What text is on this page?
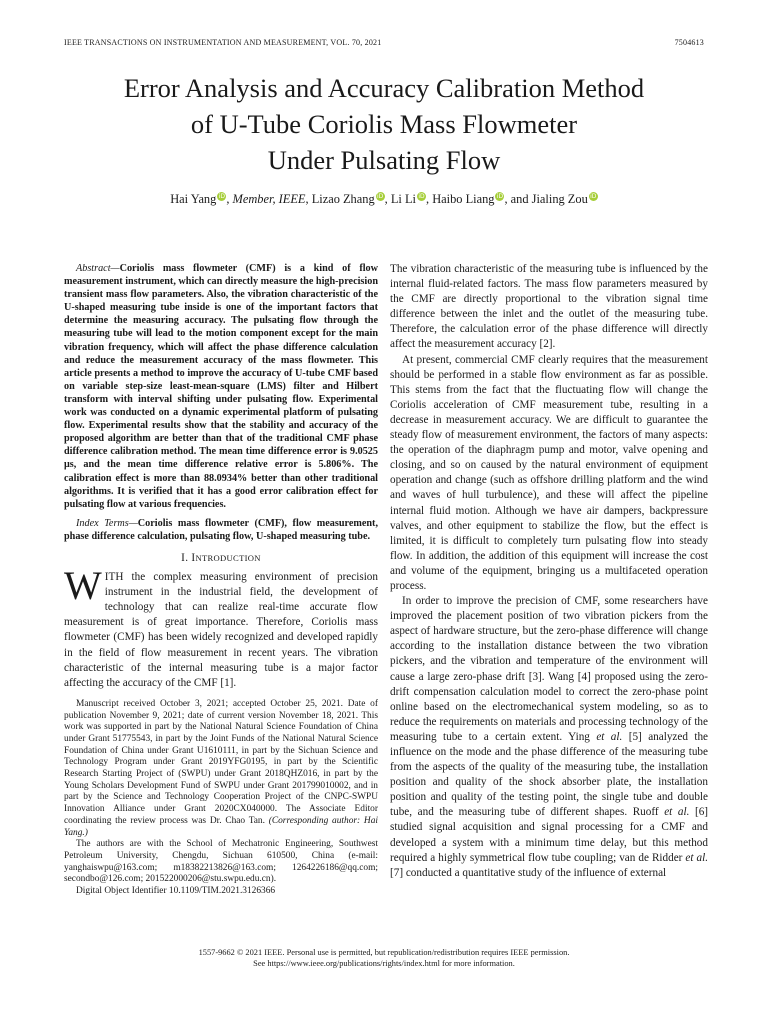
IEEE TRANSACTIONS ON INSTRUMENTATION AND MEASUREMENT, VOL. 70, 2021	7504613
Error Analysis and Accuracy Calibration Method
of U-Tube Coriolis Mass Flowmeter
Under Pulsating Flow
Hai Yang iD, Member, IEEE, Lizao Zhang iD, Li Li iD, Haibo Liang iD, and Jialing Zou iD

Abstract—Coriolis mass flowmeter (CMF) is a kind of flow measurement instrument, which can directly measure the high-precision transient mass flow parameters. Also, the vibration characteristic of the U-shaped measuring tube inside is one of the important factors that determine the measuring accuracy. The pulsating flow through the measuring tube will lead to the motion component except for the main vibration frequency, which will affect the phase difference calculation and reduce the measurement accuracy of the mass flowmeter. This article presents a method to improve the accuracy of U-tube CMF based on variable step-size least-mean-square (LMS) filter and Hilbert transform with interval shifting under pulsating flow. Experimental work was conducted on a dynamic experimental platform of pulsating flow. Experimental results show that the stability and accuracy of the proposed algorithm are better than that of the traditional CMF phase difference calibration method. The mean time difference error is 9.0525 μs, and the mean time difference relative error is 5.806%. The calibration effect is more than 88.0934% better than other traditional algorithms. It is verified that it has a good error calibration effect for pulsating flow at various frequencies.

Index Terms—Coriolis mass flowmeter (CMF), flow measurement, phase difference calculation, pulsating flow, U-shaped measuring tube.

I. INTRODUCTION

WITH the complex measuring environment of precision instrument in the industrial field, the development of technology that can realize real-time accurate flow measurement is of great importance. Therefore, Coriolis mass flowmeter (CMF) has been widely recognized and developed rapidly in the field of flow measurement in recent years. The vibration characteristic of the internal measuring tube is a major factor affecting the accuracy of the CMF [1].

Manuscript received October 3, 2021; accepted October 25, 2021. Date of publication November 9, 2021; date of current version November 18, 2021. This work was supported in part by the National Natural Science Foundation of China under Grant 51775543, in part by the Joint Funds of the National Natural Science Foundation of China under Grant U1610111, in part by the Sichuan Science and Technology Program under Grant 2019YFG0195, in part by the Scientific Research Starting Project of (SWPU) under Grant 2018QHZ016, in part by the Young Scholars Development Fund of SWPU under Grant 201799010002, and in part by the Science and Technology Cooperation Project of the CNPC-SWPU Innovation Alliance under Grant 2020CX040000. The Associate Editor coordinating the review process was Dr. Chao Tan. (Corresponding author: Hai Yang.)

The authors are with the School of Mechatronic Engineering, Southwest Petroleum University, Chengdu, Sichuan 610500, China (e-mail: yanghaiswpu@163.com; m18382213826@163.com; 1264226186@qq.com; secondbo@126.com; 201522000206@stu.swpu.edu.cn).

Digital Object Identifier 10.1109/TIM.2021.3126366

The vibration characteristic of the measuring tube is influenced by the internal fluid-related factors. The mass flow parameters measured by the CMF are directly proportional to the vibration signal time difference between the inlet and the outlet of the measuring tube. Therefore, the calculation error of the phase difference will directly affect the measurement accuracy [2].

At present, commercial CMF clearly requires that the measurement should be performed in a stable flow environment as far as possible. This stems from the fact that the fluctuating flow will change the Coriolis acceleration of CMF measurement tube, resulting in a decrease in measurement accuracy. We are difficult to guarantee the steady flow of measurement environment, the factors of many aspects: the operation of the diaphragm pump and motor, valve opening and closing, and so on caused by the natural environment of equipment operation and change (such as offshore drilling platform and the wind and waves of hull turbulence), and these will affect the pipeline internal fluid motion. Although we have air dampers, backpressure valves, and other equipment to stabilize the flow, but the effect is limited, it is difficult to completely turn pulsating flow into steady flow. In addition, the addition of this equipment will increase the cost and volume of the equipment, bringing us a multifaceted operation process.

In order to improve the precision of CMF, some researchers have improved the placement position of two vibration pickers from the aspect of hardware structure, but the zero-phase difference will change according to the installation distance between the two vibration pickers, and the vibration and temperature of the environment will cause a large zero-phase drift [3]. Wang [4] proposed using the zero-drift compensation calculation model to correct the zero-phase point online based on the electromechanical system modeling, so as to reduce the requirements on materials and processing technology of the measuring tube to a certain extent. Ying et al. [5] analyzed the influence on the mode and the phase difference of the measuring tube from the aspects of the quality of the measuring tube, the installation position and quality of the shock absorber plate, the installation position and quality of the testing point, the single tube and double tube, and the measuring tube of different shapes. Ruoff et al. [6] studied signal acquisition and signal processing for a CMF and developed a system with a minimum time delay, but this method required a highly symmetrical flow tube coupling; van de Ridder et al. [7] conducted a quantitative study of the influence of external

1557-9662 © 2021 IEEE. Personal use is permitted, but republication/redistribution requires IEEE permission.
See https://www.ieee.org/publications/rights/index.html for more information.
